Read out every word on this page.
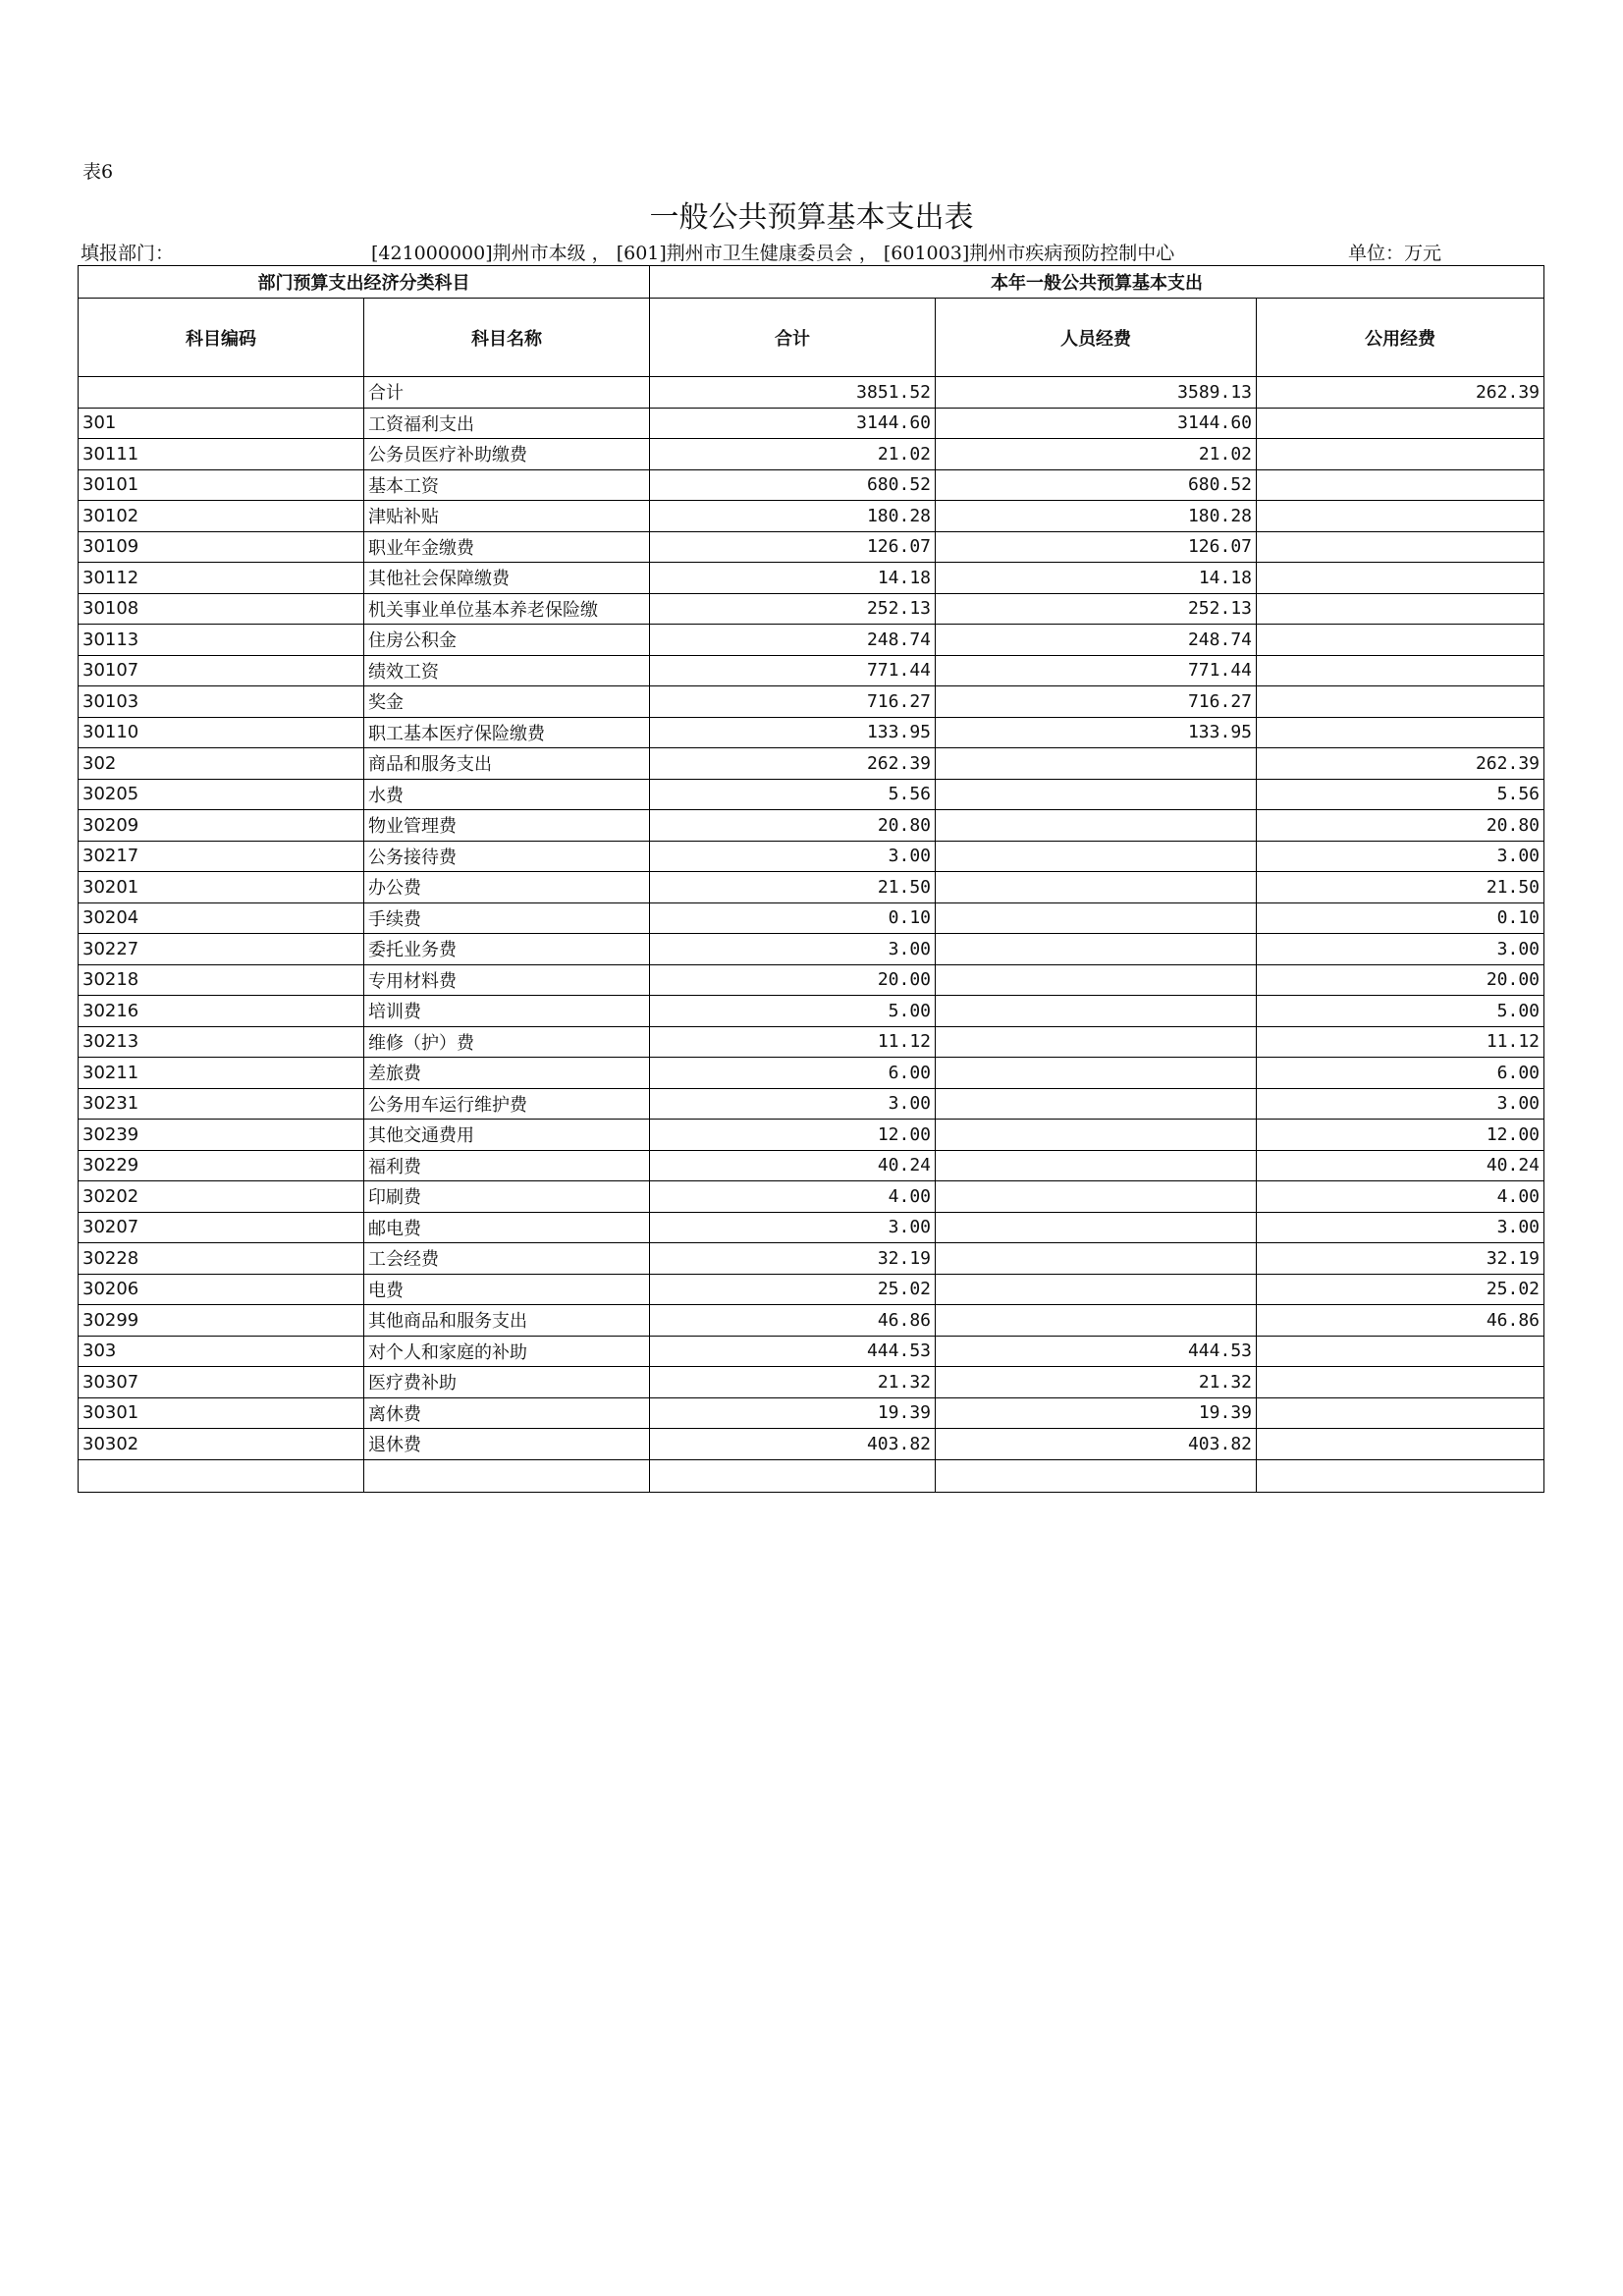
表6
一般公共预算基本支出表
填报部门：	[421000000]荆州市本级 ， [601]荆州市卫生健康委员会 ， [601003]荆州市疾病预防控制中心	单位：万元
部门预算支出经济分类科目		本年一般公共预算基本支出		
科目编码	科目名称	合计	人员经费	公用经费
	合计	3851.52	3589.13	262.39
301	工资福利支出	3144.60	3144.60	
30111	公务员医疗补助缴费	21.02	21.02	
30101	基本工资	680.52	680.52	
30102	津贴补贴	180.28	180.28	
30109	职业年金缴费	126.07	126.07	
30112	其他社会保障缴费	14.18	14.18	
30108	机关事业单位基本养老保险缴	252.13	252.13	
30113	住房公积金	248.74	248.74	
30107	绩效工资	771.44	771.44	
30103	奖金	716.27	716.27	
30110	职工基本医疗保险缴费	133.95	133.95	
302	商品和服务支出	262.39		262.39
30205	水费	5.56		5.56
30209	物业管理费	20.80		20.80
30217	公务接待费	3.00		3.00
30201	办公费	21.50		21.50
30204	手续费	0.10		0.10
30227	委托业务费	3.00		3.00
30218	专用材料费	20.00		20.00
30216	培训费	5.00		5.00
30213	维修（护）费	11.12		11.12
30211	差旅费	6.00		6.00
30231	公务用车运行维护费	3.00		3.00
30239	其他交通费用	12.00		12.00
30229	福利费	40.24		40.24
30202	印刷费	4.00		4.00
30207	邮电费	3.00		3.00
30228	工会经费	32.19		32.19
30206	电费	25.02		25.02
30299	其他商品和服务支出	46.86		46.86
303	对个人和家庭的补助	444.53	444.53	
30307	医疗费补助	21.32	21.32	
30301	离休费	19.39	19.39	
30302	退休费	403.82	403.82	
